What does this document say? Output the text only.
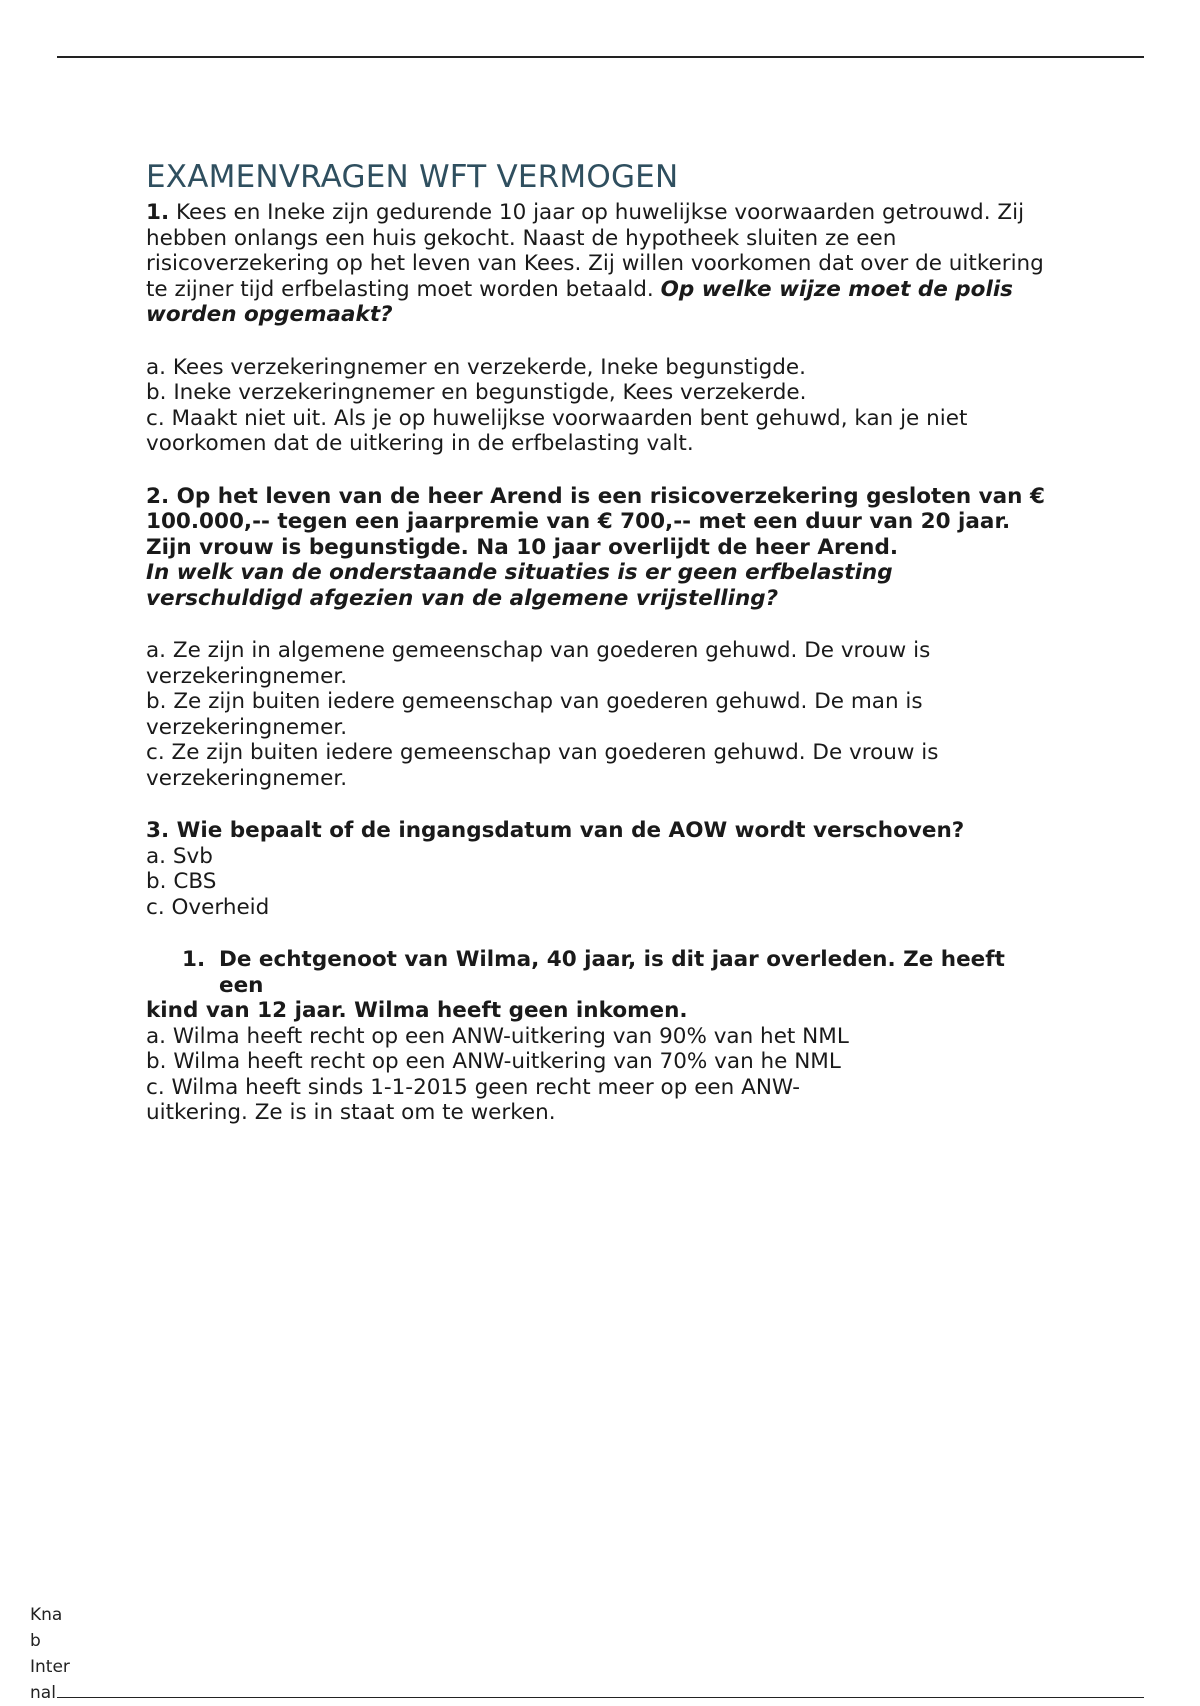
EXAMENVRAGEN WFT VERMOGEN

1. Kees en Ineke zijn gedurende 10 jaar op huwelijkse voorwaarden getrouwd. Zij hebben onlangs een huis gekocht. Naast de hypotheek sluiten ze een risicoverzekering op het leven van Kees. Zij willen voorkomen dat over de uitkering te zijner tijd erfbelasting moet worden betaald. Op welke wijze moet de polis worden opgemaakt?

a. Kees verzekeringnemer en verzekerde, Ineke begunstigde.
b. Ineke verzekeringnemer en begunstigde, Kees verzekerde.
c. Maakt niet uit. Als je op huwelijkse voorwaarden bent gehuwd, kan je niet voorkomen dat de uitkering in de erfbelasting valt.

2. Op het leven van de heer Arend is een risicoverzekering gesloten van € 100.000,-- tegen een jaarpremie van € 700,-- met een duur van 20 jaar. Zijn vrouw is begunstigde. Na 10 jaar overlijdt de heer Arend.
In welk van de onderstaande situaties is er geen erfbelasting verschuldigd afgezien van de algemene vrijstelling?

a. Ze zijn in algemene gemeenschap van goederen gehuwd. De vrouw is verzekeringnemer.
b. Ze zijn buiten iedere gemeenschap van goederen gehuwd. De man is verzekeringnemer.
c. Ze zijn buiten iedere gemeenschap van goederen gehuwd. De vrouw is verzekeringnemer.

3. Wie bepaalt of de ingangsdatum van de AOW wordt verschoven?

a. Svb
b. CBS
c. Overheid
1. De echtgenoot van Wilma, 40 jaar, is dit jaar overleden. Ze heeft een

kind van 12 jaar. Wilma heeft geen inkomen.

a. Wilma heeft recht op een ANW-uitkering van 90% van het NML
b. Wilma heeft recht op een ANW-uitkering van 70% van he NML
c. Wilma heeft sinds 1-1-2015 geen recht meer op een ANW-
uitkering. Ze is in staat om te werken.
Kna
b
Inter
nal
